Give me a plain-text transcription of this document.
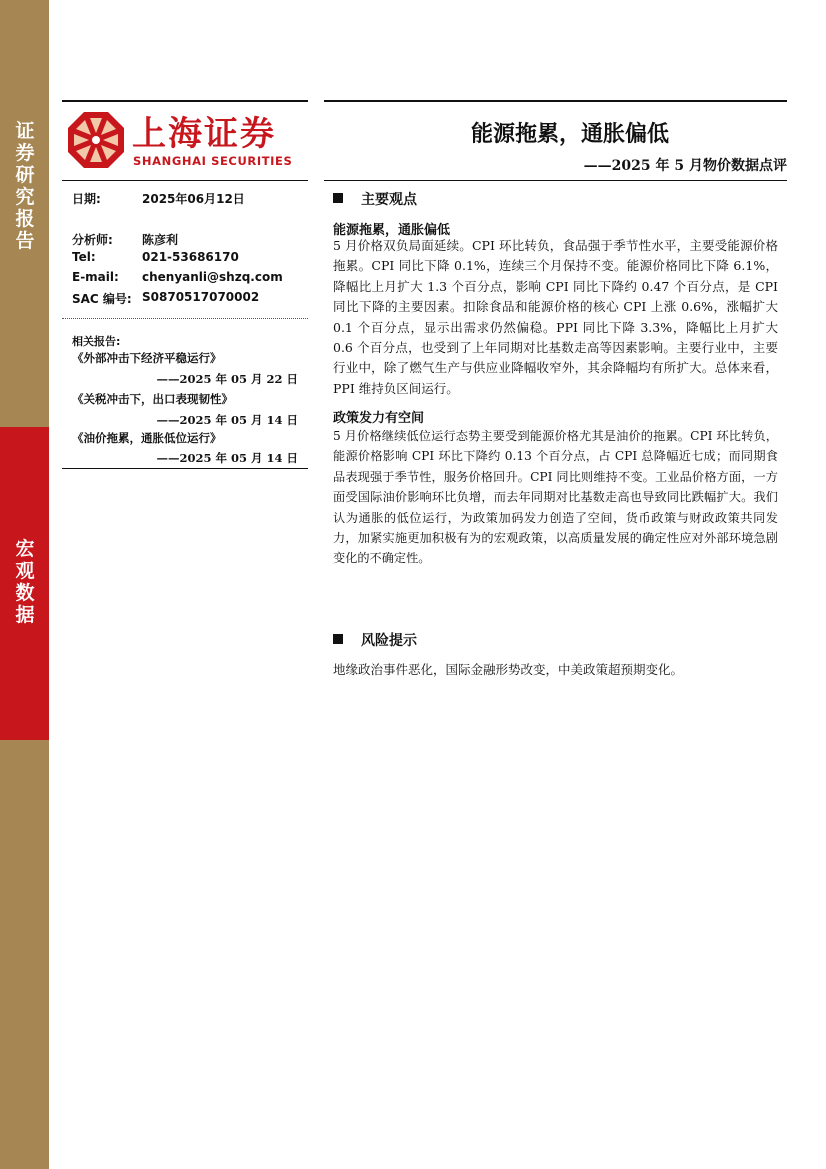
证
券
研
究
报
告
宏
观
数
据
上海证券
SHANGHAI SECURITIES
能源拖累，通胀偏低
——2025 年 5 月物价数据点评
日期:	2025年06月12日
分析师: 陈彦利
Tel:	021-53686170
E-mail: chenyanli@shzq.com
SAC 编号: S0870517070002
相关报告:
《外部冲击下经济平稳运行》
——2025 年 05 月 22 日
《关税冲击下，出口表现韧性》
——2025 年 05 月 14 日
《油价拖累，通胀低位运行》
——2025 年 05 月 14 日
主要观点
能源拖累，通胀偏低
5 月价格双负局面延续。CPI 环比转负，食品强于季节性水平，主要受能源价格拖累。CPI 同比下降 0.1%，连续三个月保持不变。能源价格同比下降 6.1%，降幅比上月扩大 1.3 个百分点，影响 CPI 同比下降约 0.47 个百分点，是 CPI 同比下降的主要因素。扣除食品和能源价格的核心 CPI 上涨 0.6%，涨幅扩大 0.1 个百分点，显示出需求仍然偏稳。PPI 同比下降 3.3%，降幅比上月扩大 0.6 个百分点，也受到了上年同期对比基数走高等因素影响。主要行业中，主要行业中，除了燃气生产与供应业降幅收窄外，其余降幅均有所扩大。总体来看，PPI 维持负区间运行。
政策发力有空间
5 月价格继续低位运行态势主要受到能源价格尤其是油价的拖累。CPI 环比转负，能源价格影响 CPI 环比下降约 0.13 个百分点，占 CPI 总降幅近七成；而同期食品表现强于季节性，服务价格回升。CPI 同比则维持不变。工业品价格方面，一方面受国际油价影响环比负增，而去年同期对比基数走高也导致同比跌幅扩大。我们认为通胀的低位运行，为政策加码发力创造了空间，货币政策与财政政策共同发力，加紧实施更加积极有为的宏观政策，以高质量发展的确定性应对外部环境急剧变化的不确定性。
风险提示
地缘政治事件恶化，国际金融形势改变，中美政策超预期变化。
